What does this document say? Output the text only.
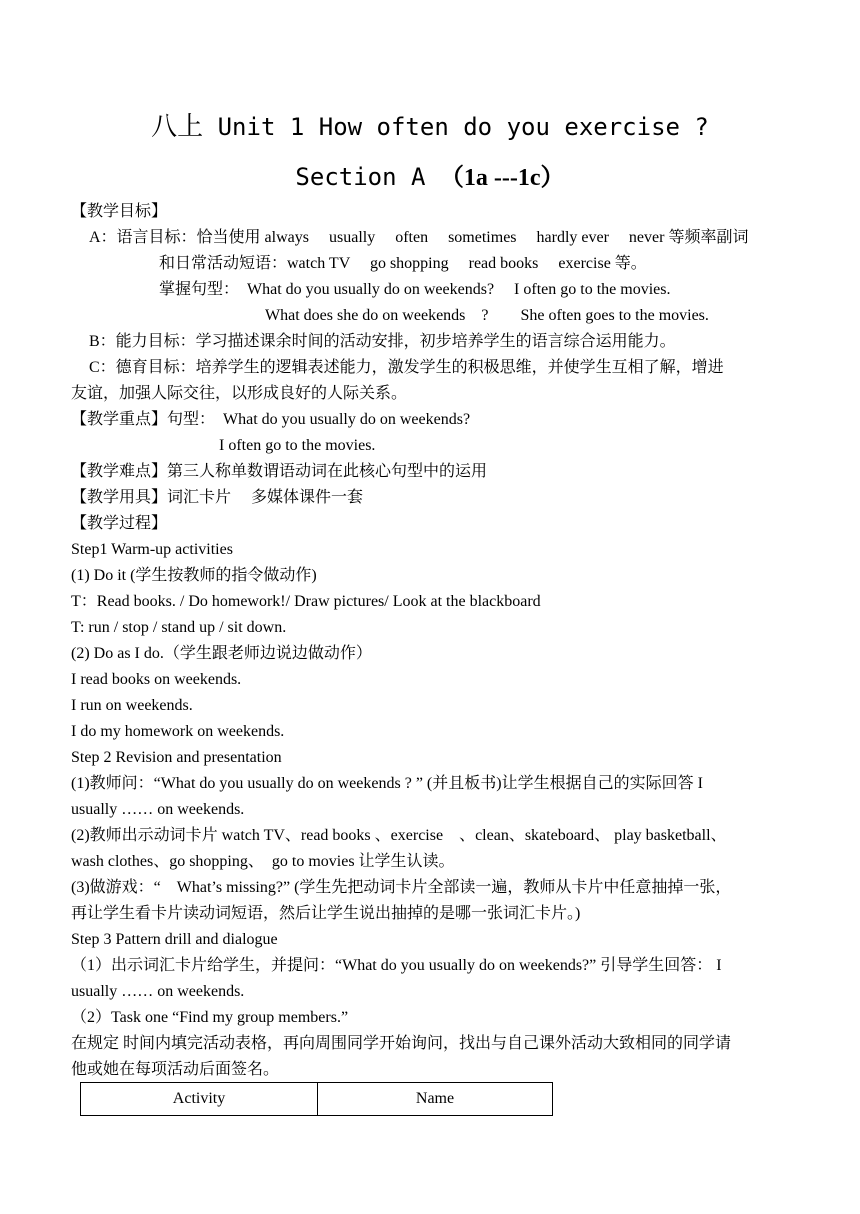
八上 Unit 1 How often do you exercise ?
Section A （1a ---1c）
【教学目标】
A：语言目标：恰当使用 always　 usually　 often　 sometimes　 hardly ever　 never 等频率副词
和日常活动短语：watch TV　 go shopping　 read books　 exercise 等。
掌握句型：　What do you usually do on weekends?　 I often go to the movies.
What does she do on weekends　?　　She often goes to the movies.
B：能力目标：学习描述课余时间的活动安排，初步培养学生的语言综合运用能力。
C：德育目标：培养学生的逻辑表述能力，激发学生的积极思维，并使学生互相了解，增进
友谊，加强人际交往，以形成良好的人际关系。
【教学重点】句型：　What do you usually do on weekends?
I often go to the movies.
【教学难点】第三人称单数谓语动词在此核心句型中的运用
【教学用具】词汇卡片　 多媒体课件一套
【教学过程】
Step1 Warm-up activities
(1) Do it (学生按教师的指令做动作)
T：Read books. / Do homework!/ Draw pictures/ Look at the blackboard
T: run / stop / stand up / sit down.
(2) Do as I do.（学生跟老师边说边做动作）
I read books on weekends.
I run on weekends.
I do my homework on weekends.
Step 2 Revision and presentation
(1)教师问：“What do you usually do on weekends ? ” (并且板书)让学生根据自己的实际回答 I
usually …… on weekends.
(2)教师出示动词卡片 watch TV、read books 、exercise　、clean、skateboard、 play basketball、
wash clothes、go shopping、　go to movies 让学生认读。
(3)做游戏：“　What’s missing?” (学生先把动词卡片全部读一遍，教师从卡片中任意抽掉一张，
再让学生看卡片读动词短语，然后让学生说出抽掉的是哪一张词汇卡片。)
Step 3 Pattern drill and dialogue
（1）出示词汇卡片给学生，并提问：“What do you usually do on weekends?” 引导学生回答： I
usually …… on weekends.
（2）Task one “Find my group members.”
在规定 时间内填完活动表格，再向周围同学开始询问，找出与自己课外活动大致相同的同学请
他或她在每项活动后面签名。
Activity	Name
